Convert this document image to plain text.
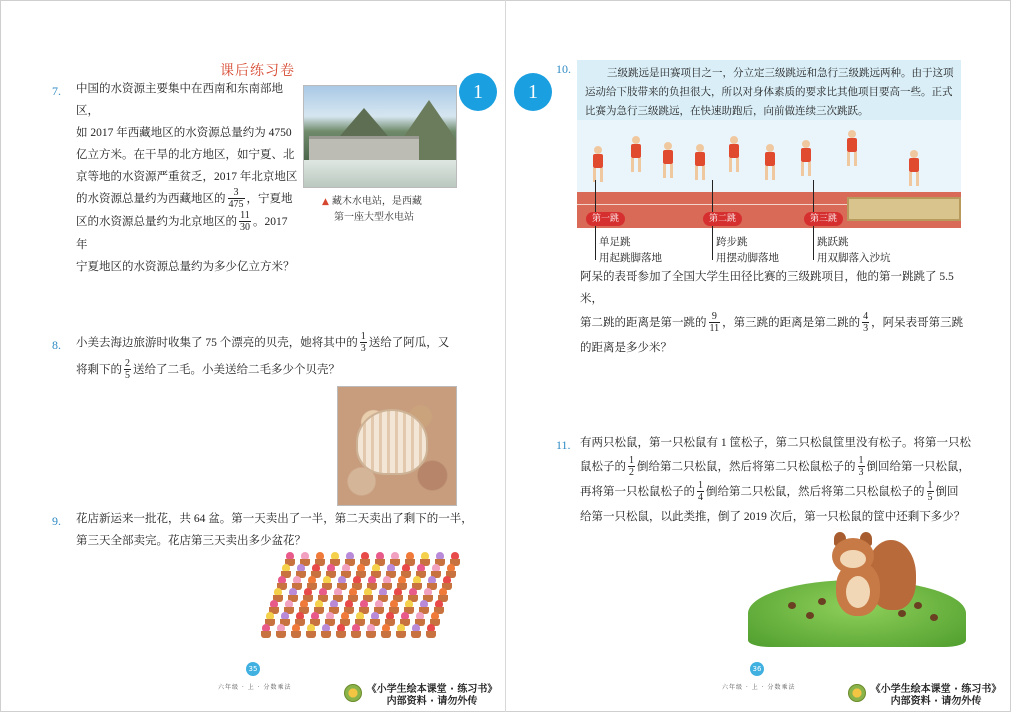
课后练习卷
7. 中国的水资源主要集中在西南和东南部地区，
如 2017 年西藏地区的水资源总量约为 4750
亿立方米。在干旱的北方地区，如宁夏、北
京等地的水资源严重贫乏，2017 年北京地区
的水资源总量约为西藏地区的 $\frac{3}{475}$ ，宁夏地
区的水资源总量约为北京地区的 $\frac{11}{30}$ 。2017 年
宁夏地区的水资源总量约为多少亿立方米？
▲ 藏木水电站，是西藏
第一座大型水电站
8. 小美去海边旅游时收集了 75 个漂亮的贝壳，她将其中的 $\frac{1}{3}$ 送给了阿瓜，又
将剩下的 $\frac{2}{5}$ 送给了二毛。小美送给二毛多少个贝壳？
9. 花店新运来一批花，共 64 盆。第一天卖出了一半，第二天卖出了剩下的一半，
第三天全部卖完。花店第三天卖出多少盆花？
35
六年级 · 上 · 分数乘法	《小学生绘本课堂 · 练习书》
内部资料 · 请勿外传
1	1
10.	三级跳远是田赛项目之一，分立定三级跳远和急行三级跳远两种。由于这项运动给下肢带来的负担很大，所以对身体素质的要求比其他项目要高一些。正式比赛为急行三级跳远，在快速助跑后，向前做连续三次跳跃。
第一跳	第二跳	第三跳
单足跳
用起跳脚落地
跨步跳
用摆动脚落地
跳跃跳
用双脚落入沙坑
阿呆的表哥参加了全国大学生田径比赛的三级跳项目，他的第一跳跳了 5.5 米，
第二跳的距离是第一跳的 $\frac{9}{11}$ ，第三跳的距离是第二跳的 $\frac{4}{3}$ ，阿呆表哥第三跳
的距离是多少米？
11. 有两只松鼠，第一只松鼠有 1 筐松子，第二只松鼠筐里没有松子。将第一只松
鼠松子的 $\frac{1}{2}$ 倒给第二只松鼠，然后将第二只松鼠松子的 $\frac{1}{3}$ 倒回给第一只松鼠，
再将第一只松鼠松子的 $\frac{1}{4}$ 倒给第二只松鼠，然后将第二只松鼠松子的 $\frac{1}{5}$ 倒回
给第一只松鼠，以此类推，倒了 2019 次后，第一只松鼠的筐中还剩下多少？
36
六年级 · 上 · 分数乘法	《小学生绘本课堂 · 练习书》
内部资料 · 请勿外传
